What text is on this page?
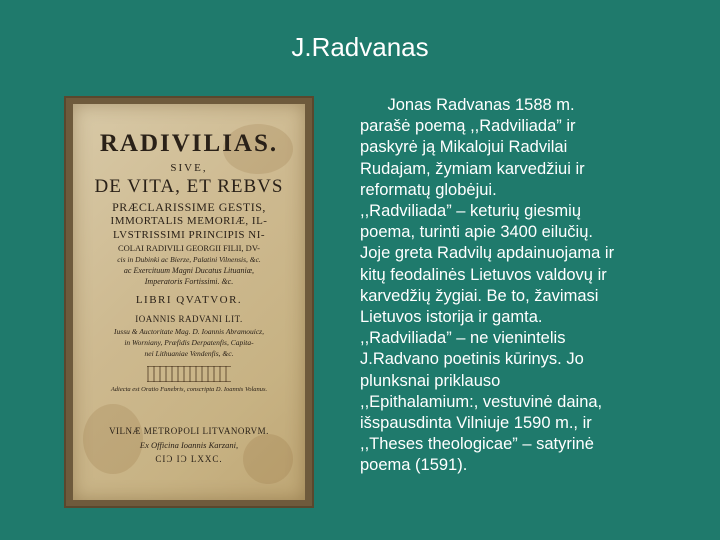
J.Radvanas
RADIVILIAS.
SIVE,
DE VITA, ET REBVS
PRÆCLARISSIME GESTIS,
IMMORTALIS MEMORIÆ, IL-
LVSTRISSIMI PRINCIPIS NI-
COLAI RADIVILI GEORGII FILII, DV-
cis in Dubinki ac Bierze, Palatini Vilnensis, &c.
ac Exercituum Magni Ducatus Lituaniæ,
Imperatoris Fortissimi. &c.
LIBRI QVATVOR.
IOANNIS RADVANI LIT.
Iussu & Auctoritate Mag. D. Ioannis Abramouicz,
in Worniany, Præfidis Derpatenfis, Capita-
nei Lithuaniae Vendenfis, &c.
Adiecta est Oratio Funebris, conscripta D. Ioannis Volanus.
VILNÆ METROPOLI LITVANORVM.
Ex Officina Ioannis Karzani,
CIƆ IƆ LXXC.
Jonas Radvanas 1588 m.
parašė poemą ,,Radviliada” ir
paskyrė ją Mikalojui Radvilai
Rudajam, žymiam karvedžiui ir
reformatų globėjui.
,,Radviliada” – keturių giesmių
poema, turinti apie 3400 eilučių.
Joje greta Radvilų apdainuojama ir
kitų feodalinės Lietuvos valdovų ir
karvedžių žygiai. Be to, žavimasi
Lietuvos istorija ir gamta.
,,Radviliada” – ne vienintelis
J.Radvano poetinis kūrinys. Jo
plunksnai priklauso
,,Epithalamium:, vestuvinė daina,
išspausdinta Vilniuje 1590 m., ir
,,Theses theologicae” – satyrinė
poema (1591).
